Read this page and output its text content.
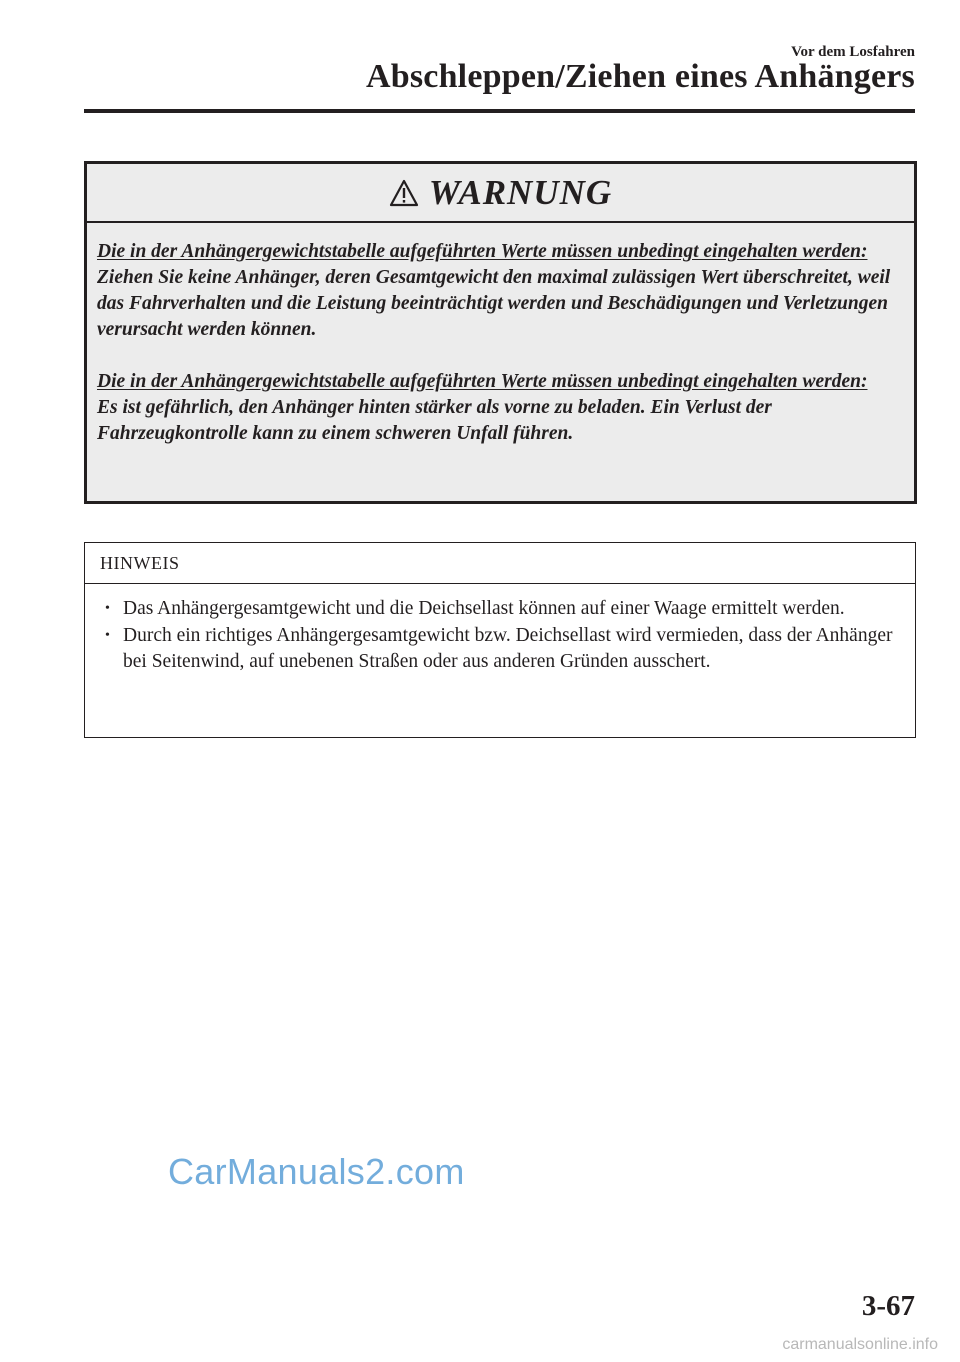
Vor dem Losfahren
Abschleppen/Ziehen eines Anhängers
WARNUNG

Die in der Anhängergewichtstabelle aufgeführten Werte müssen unbedingt eingehalten werden:
Ziehen Sie keine Anhänger, deren Gesamtgewicht den maximal zulässigen Wert überschreitet, weil das Fahrverhalten und die Leistung beeinträchtigt werden und Beschädigungen und Verletzungen verursacht werden können.

Die in der Anhängergewichtstabelle aufgeführten Werte müssen unbedingt eingehalten werden:
Es ist gefährlich, den Anhänger hinten stärker als vorne zu beladen. Ein Verlust der Fahrzeugkontrolle kann zu einem schweren Unfall führen.

HINWEIS
• Das Anhängergesamtgewicht und die Deichsellast können auf einer Waage ermittelt werden.
• Durch ein richtiges Anhängergesamtgewicht bzw. Deichsellast wird vermieden, dass der Anhänger bei Seitenwind, auf unebenen Straßen oder aus anderen Gründen ausschert.
CarManuals2.com
3-67
carmanualsonline.info
